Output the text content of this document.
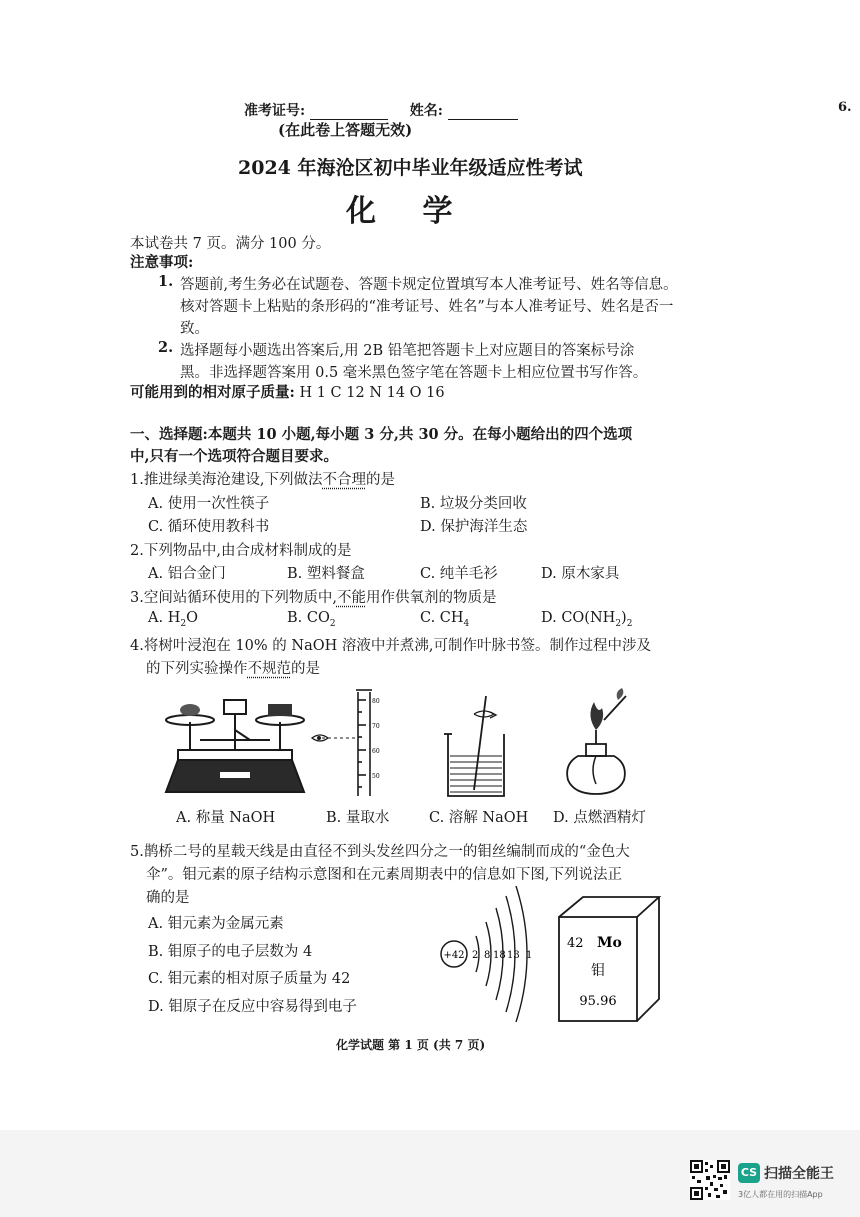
6.
准考证号:	姓名:
(在此卷上答题无效)
2024 年海沧区初中毕业年级适应性考试
化 学
本试卷共 7 页。满分 100 分。
注意事项:
1. 答题前,考生务必在试题卷、答题卡规定位置填写本人准考证号、姓名等信息。
核对答题卡上粘贴的条形码的“准考证号、姓名”与本人准考证号、姓名是否一
致。
2. 选择题每小题选出答案后,用 2B 铅笔把答题卡上对应题目的答案标号涂
黑。非选择题答案用 0.5 毫米黑色签字笔在答题卡上相应位置书写作答。
可能用到的相对原子质量: H 1 C 12 N 14 O 16
一、选择题:本题共 10 小题,每小题 3 分,共 30 分。在每小题给出的四个选项
中,只有一个选项符合题目要求。
1.推进绿美海沧建设,下列做法不合理的是
A. 使用一次性筷子	B. 垃圾分类回收
C. 循环使用教科书	D. 保护海洋生态
2.下列物品中,由合成材料制成的是
A. 铝合金门	B. 塑料餐盒	C. 纯羊毛衫	D. 原木家具
3.空间站循环使用的下列物质中,不能用作供氧剂的物质是
A. $H_2O$	B. $CO_2$	C. $CH_4$	D. $CO(NH_2)_2$
4.将树叶浸泡在 10% 的 NaOH 溶液中并煮沸,可制作叶脉书签。制作过程中涉及
的下列实验操作不规范的是
80
70
60
50
A. 称量 NaOH	B. 量取水	C. 溶解 NaOH D. 点燃酒精灯
5.鹊桥二号的星载天线是由直径不到头发丝四分之一的钼丝编制而成的“金色大
伞”。钼元素的原子结构示意图和在元素周期表中的信息如下图,下列说法正
确的是
A. 钼元素为金属元素
B. 钼原子的电子层数为 4
C. 钼元素的相对原子质量为 42
D. 钼原子在反应中容易得到电子
+42 2 8 18 13 1
42 Mo
钼
95.96
化学试题 第 1 页 (共 7 页)
CS 扫描全能王
3亿人都在用的扫描App
